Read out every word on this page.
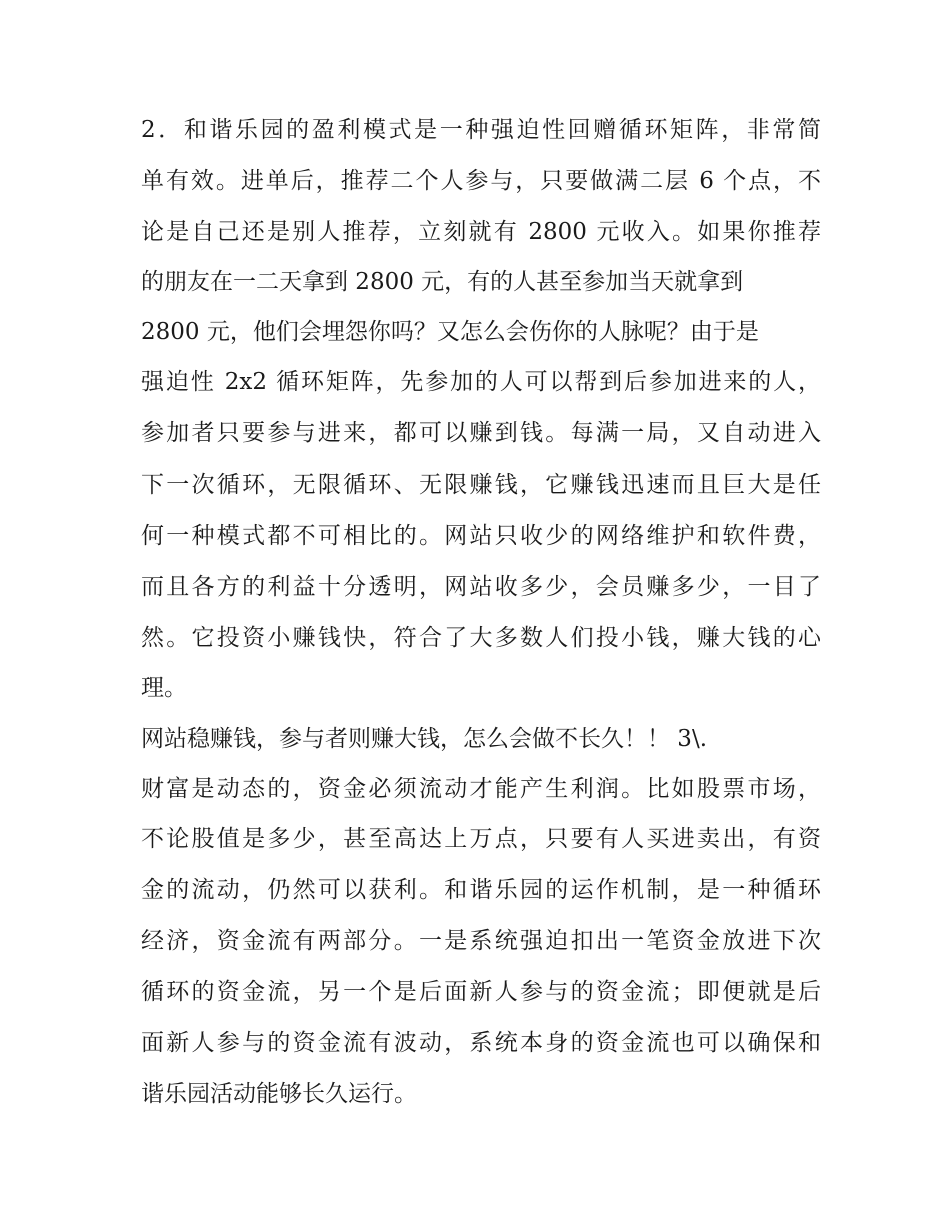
2．和谐乐园的盈利模式是一种强迫性回赠循环矩阵，非常简
单有效。进单后，推荐二个人参与，只要做满二层 6 个点，不
论是自己还是别人推荐，立刻就有 2800 元收入。如果你推荐
的朋友在一二天拿到 2800 元，有的人甚至参加当天就拿到
2800 元，他们会埋怨你吗？又怎么会伤你的人脉呢？由于是
强迫性 2x2 循环矩阵，先参加的人可以帮到后参加进来的人，
参加者只要参与进来，都可以赚到钱。每满一局，又自动进入
下一次循环，无限循环、无限赚钱，它赚钱迅速而且巨大是任
何一种模式都不可相比的。网站只收少的网络维护和软件费，
而且各方的利益十分透明，网站收多少，会员赚多少，一目了
然。它投资小赚钱快，符合了大多数人们投小钱，赚大钱的心
理。
网站稳赚钱，参与者则赚大钱，怎么会做不长久！！ 3\.
财富是动态的，资金必须流动才能产生利润。比如股票市场，
不论股值是多少，甚至高达上万点，只要有人买进卖出，有资
金的流动，仍然可以获利。和谐乐园的运作机制，是一种循环
经济，资金流有两部分。一是系统强迫扣出一笔资金放进下次
循环的资金流，另一个是后面新人参与的资金流；即便就是后
面新人参与的资金流有波动，系统本身的资金流也可以确保和
谐乐园活动能够长久运行。
